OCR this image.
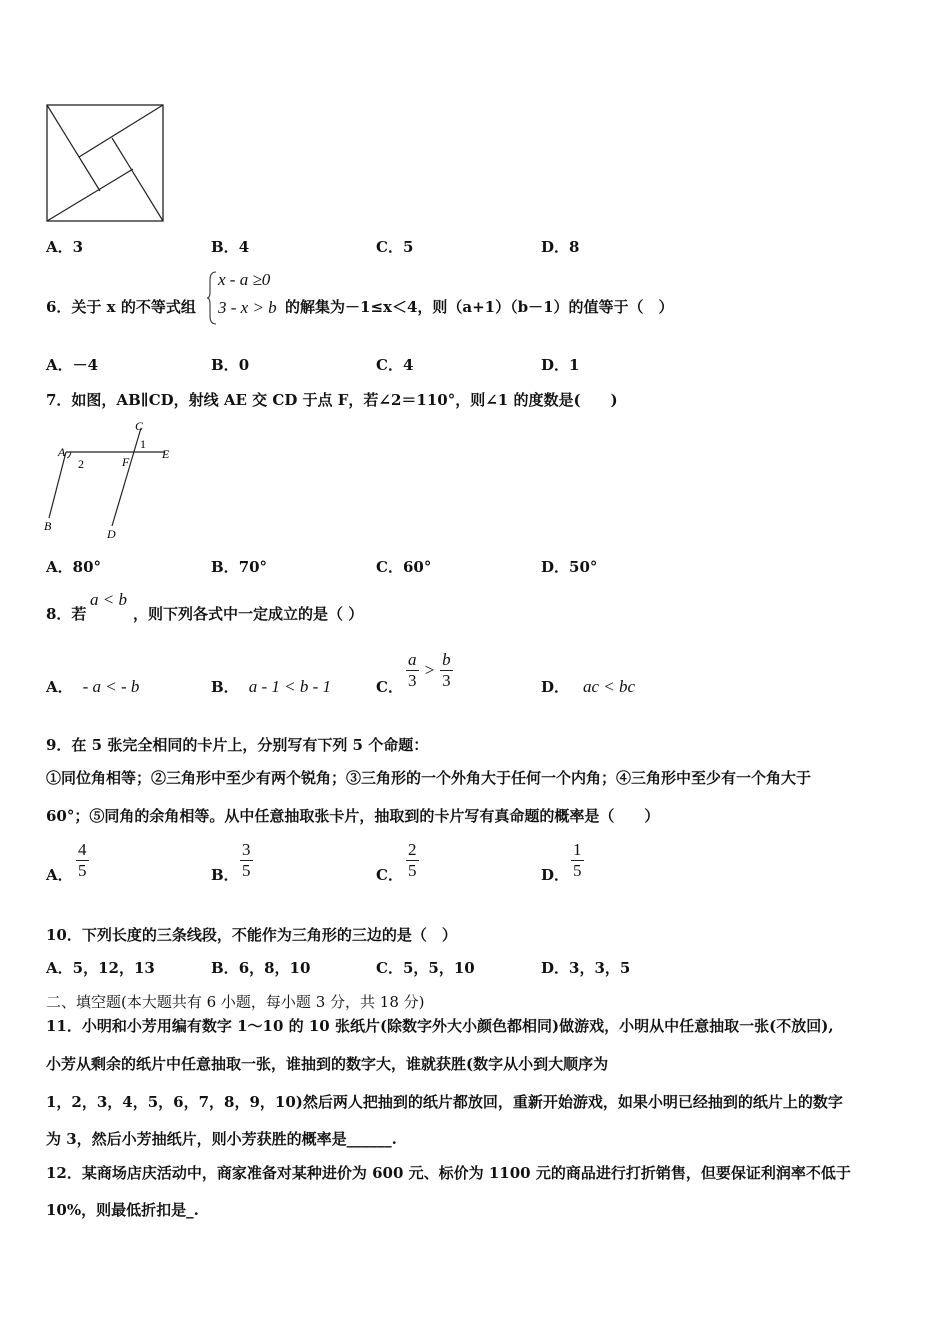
A．3	B．4	C．5	D．8
6．关于 x 的不等式组
x - a ≥0
3 - x > b 的解集为－1≤x＜4，则（a+1）（b－1）的值等于（　）
A．－4	B．0	C．4	D．1
7．如图，AB∥CD，射线 AE 交 CD 于点 F，若∠2＝110°，则∠1 的度数是(　　)
A
2
C
1
F
E
B
D
A．80°	B．70°	C．60°	D．50°
8．若
a < b
，则下列各式中一定成立的是（ ）
A． - a < - b	B． a - 1 < b - 1	C． $\frac{a}{3} > \frac{b}{3}$	D． ac < bc
9．在 5 张完全相同的卡片上，分别写有下列 5 个命题：
①同位角相等；②三角形中至少有两个锐角；③三角形的一个外角大于任何一个内角；④三角形中至少有一个角大于
60°；⑤同角的余角相等。从中任意抽取张卡片，抽取到的卡片写有真命题的概率是（　　）
A． $\frac{4}{5}$	B． $\frac{3}{5}$	C． $\frac{2}{5}$	D． $\frac{1}{5}$
10．下列长度的三条线段，不能作为三角形的三边的是（　）
A．5，12，13	B．6，8，10	C．5，5，10	D．3，3，5
二、填空题(本大题共有 6 小题，每小题 3 分，共 18 分)
11．小明和小芳用编有数字 1～10 的 10 张纸片(除数字外大小颜色都相同)做游戏，小明从中任意抽取一张(不放回),
小芳从剩余的纸片中任意抽取一张，谁抽到的数字大，谁就获胜(数字从小到大顺序为
1，2，3，4，5，6，7，8，9，10)然后两人把抽到的纸片都放回，重新开始游戏，如果小明已经抽到的纸片上的数字
为 3，然后小芳抽纸片，则小芳获胜的概率是______.
12．某商场店庆活动中，商家准备对某种进价为 600 元、标价为 1100 元的商品进行打折销售，但要保证利润率不低于
10%，则最低折扣是_.
